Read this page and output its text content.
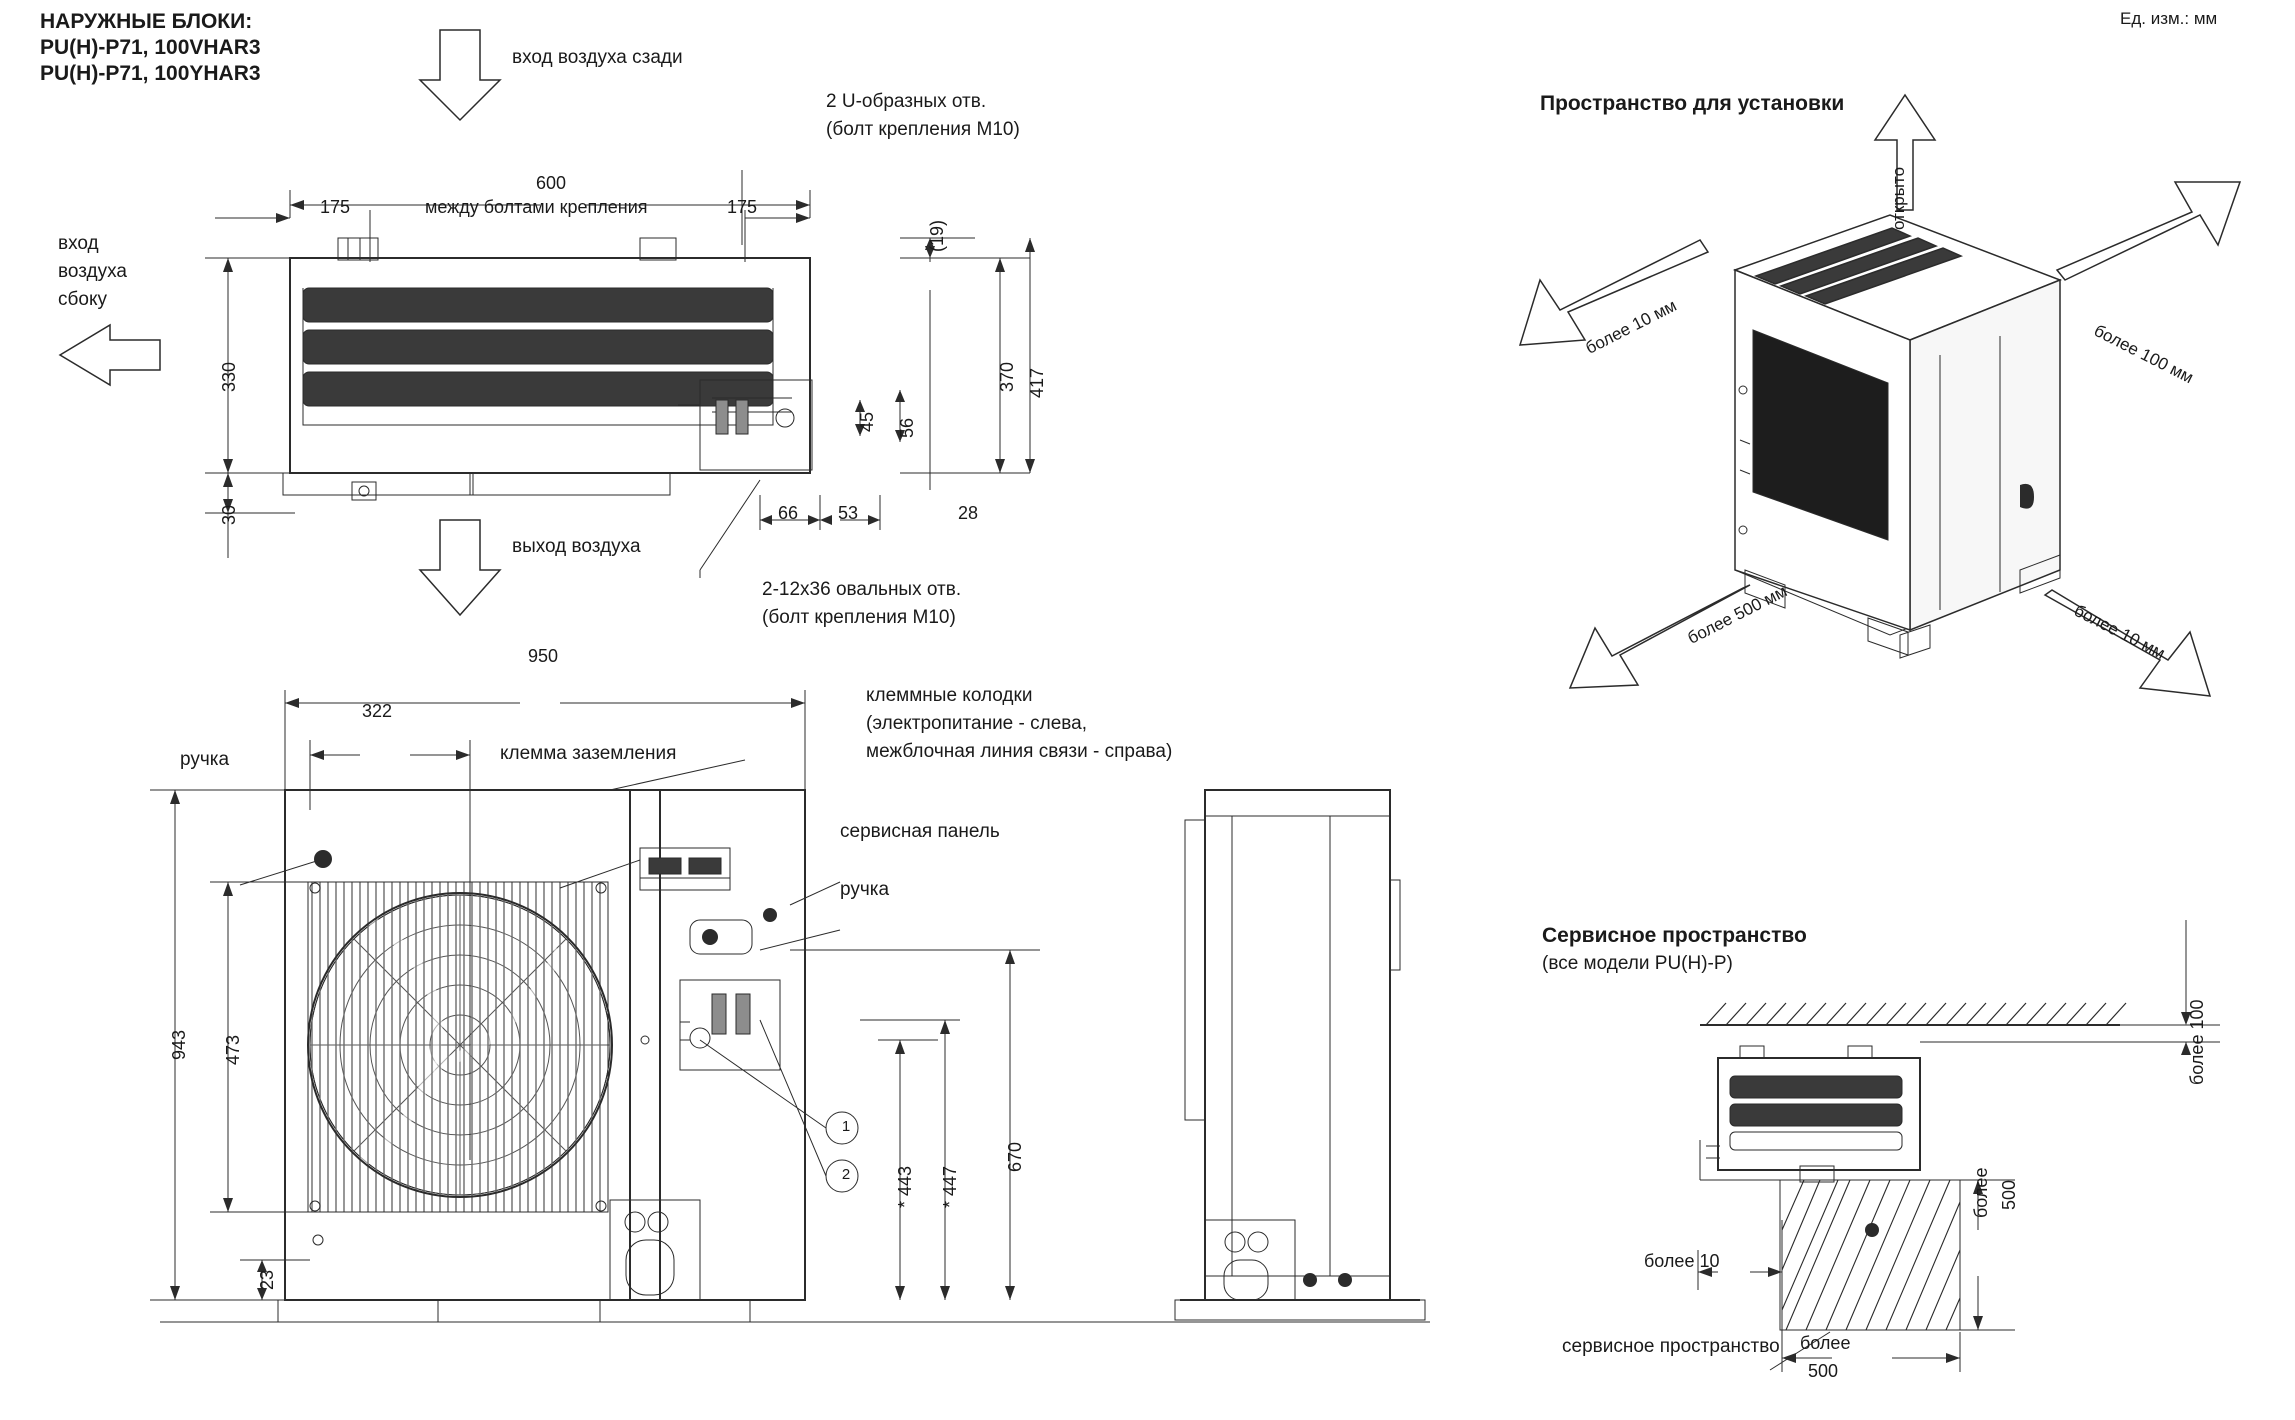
НАРУЖНЫЕ БЛОКИ:
PU(H)-P71, 100VHAR3
PU(H)-P71, 100YHAR3
Ед. изм.: мм
вход воздуха сзади
вход
воздуха
сбоку
выход воздуха
2 U-образных отв.
(болт крепления М10)
2-12х36 овальных отв.
(болт крепления М10)
600
между болтами крепления
175	175
330
30
(19)
370 417
45 56
66 53	28
ручка	клемма заземления
клеммные колодки
(электропитание - слева,
межблочная линия связи - справа)
сервисная панель
ручка
1
2
950
322
943 473
23
670
* 443 * 447
Пространство для установки
более 10 мм
открыто
более 100 мм
более 500 мм	более 10 мм
Сервисное пространство
(все модели PU(H)-P)
более 100
более 10
более 500
более
500
сервисное пространство
